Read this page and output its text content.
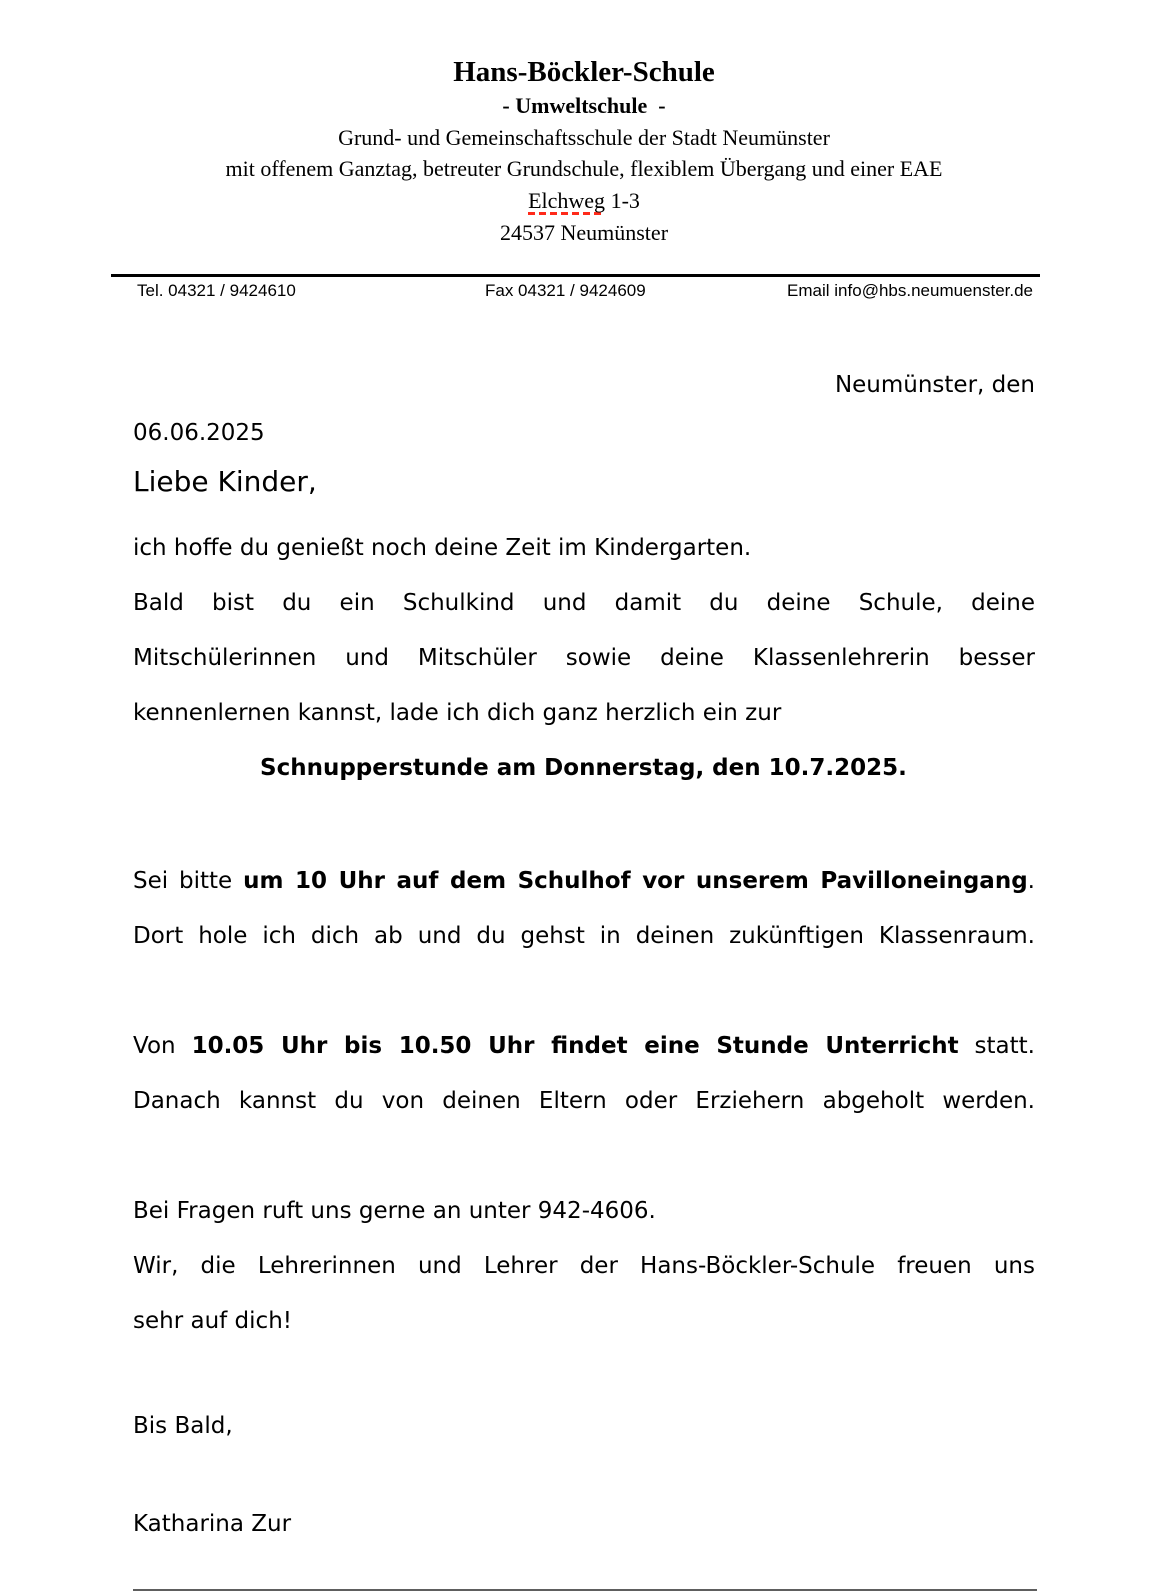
Hans-Böckler-Schule
- Umweltschule  -
Grund- und Gemeinschaftsschule der Stadt Neumünster
mit offenem Ganztag, betreuter Grundschule, flexiblem Übergang und einer EAE
Elchweg 1-3
24537 Neumünster
Tel. 04321 / 9424610	Fax 04321 / 9424609	Email info@hbs.neumuenster.de
Neumünster, den
06.06.2025
Liebe Kinder,
ich hoffe du genießt noch deine Zeit im Kindergarten.
Bald bist du ein Schulkind und damit du deine Schule, deine
Mitschülerinnen und Mitschüler sowie deine Klassenlehrerin besser
kennenlernen kannst, lade ich dich ganz herzlich ein zur
Schnupperstunde am Donnerstag, den 10.7.2025.
Sei bitte um 10 Uhr auf dem Schulhof vor unserem Pavilloneingang.
Dort hole ich dich ab und du gehst in deinen zukünftigen Klassenraum.
Von 10.05 Uhr bis 10.50 Uhr findet eine Stunde Unterricht statt.
Danach kannst du von deinen Eltern oder Erziehern abgeholt werden.
Bei Fragen ruft uns gerne an unter 942-4606.
Wir, die Lehrerinnen und Lehrer der Hans-Böckler-Schule freuen uns
sehr auf dich!
Bis Bald,
Katharina Zur
